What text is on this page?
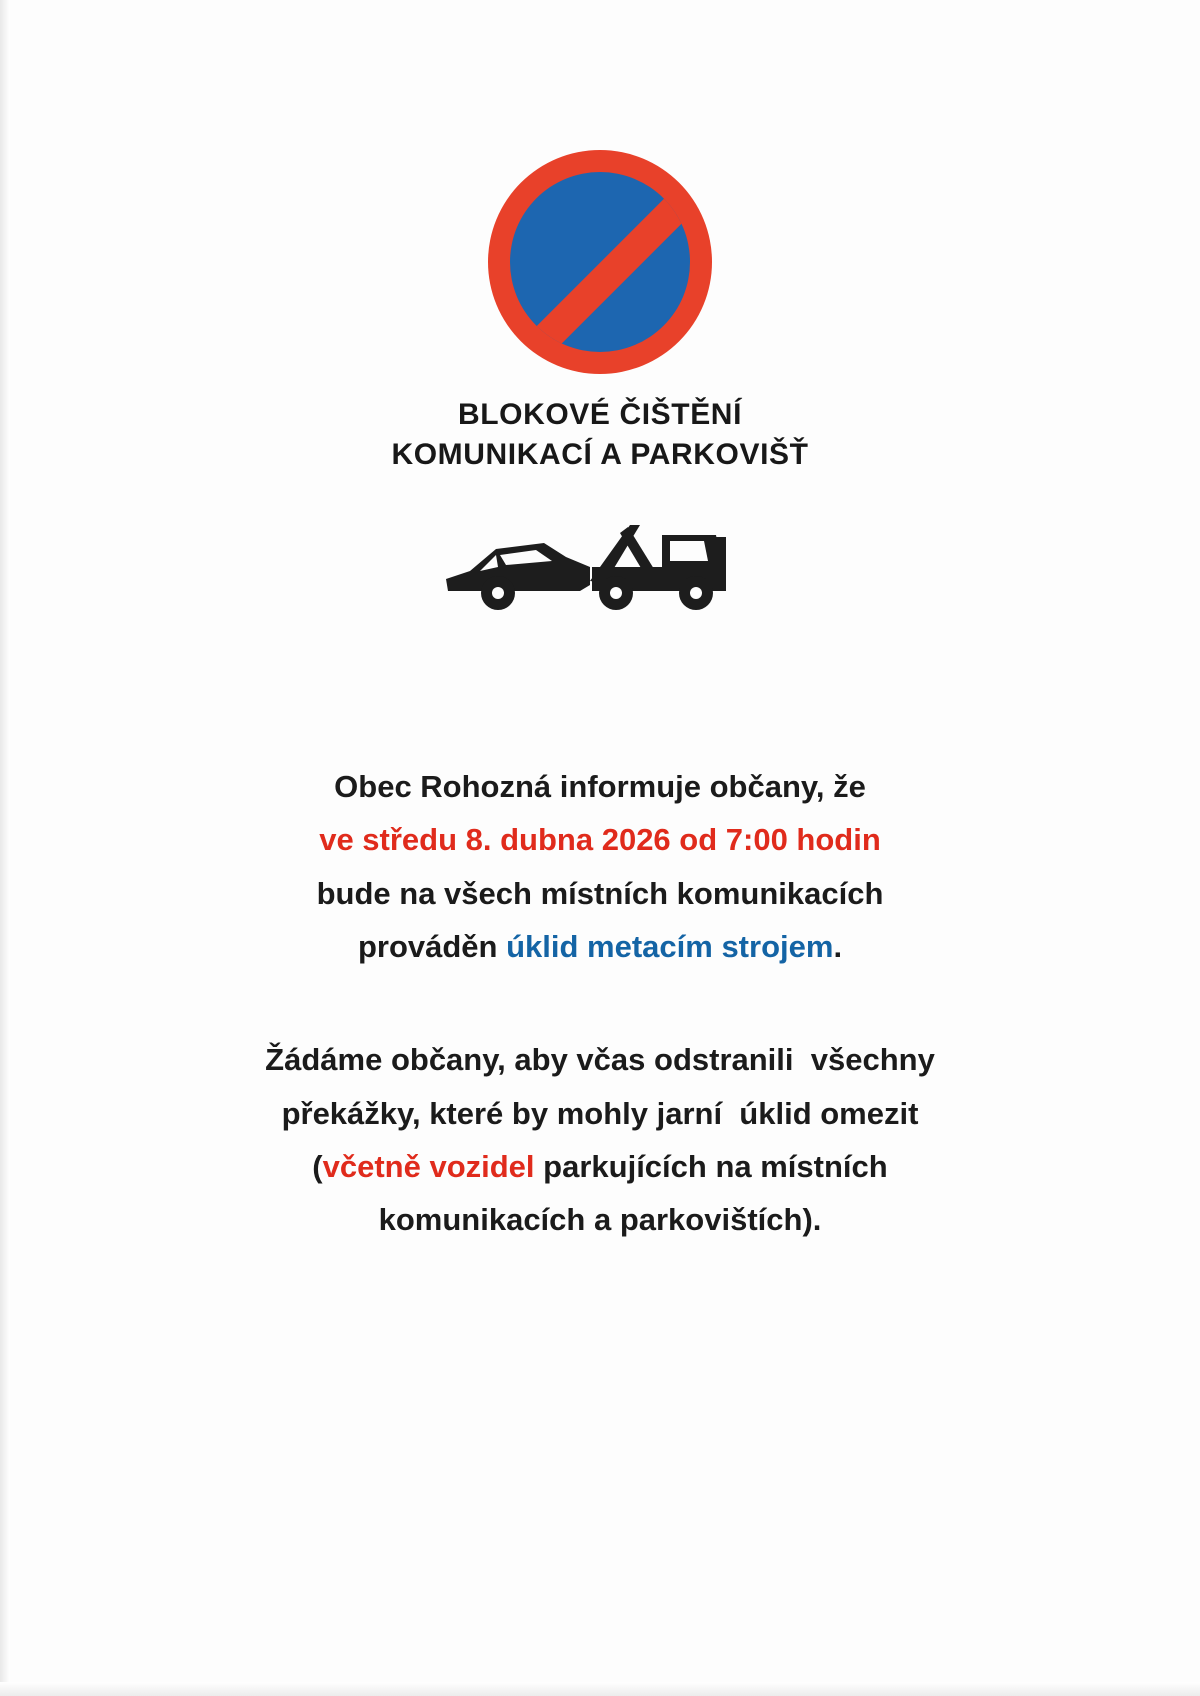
BLOKOVÉ ČIŠTĚNÍ
KOMUNIKACÍ A PARKOVIŠŤ
Obec Rohozná informuje občany, že
ve středu 8. dubna 2026 od 7:00 hodin
bude na všech místních komunikacích
prováděn úklid metacím strojem.
Žádáme občany, aby včas odstranili  všechny
překážky, které by mohly jarní  úklid omezit
(včetně vozidel parkujících na místních
komunikacích a parkovištích).
